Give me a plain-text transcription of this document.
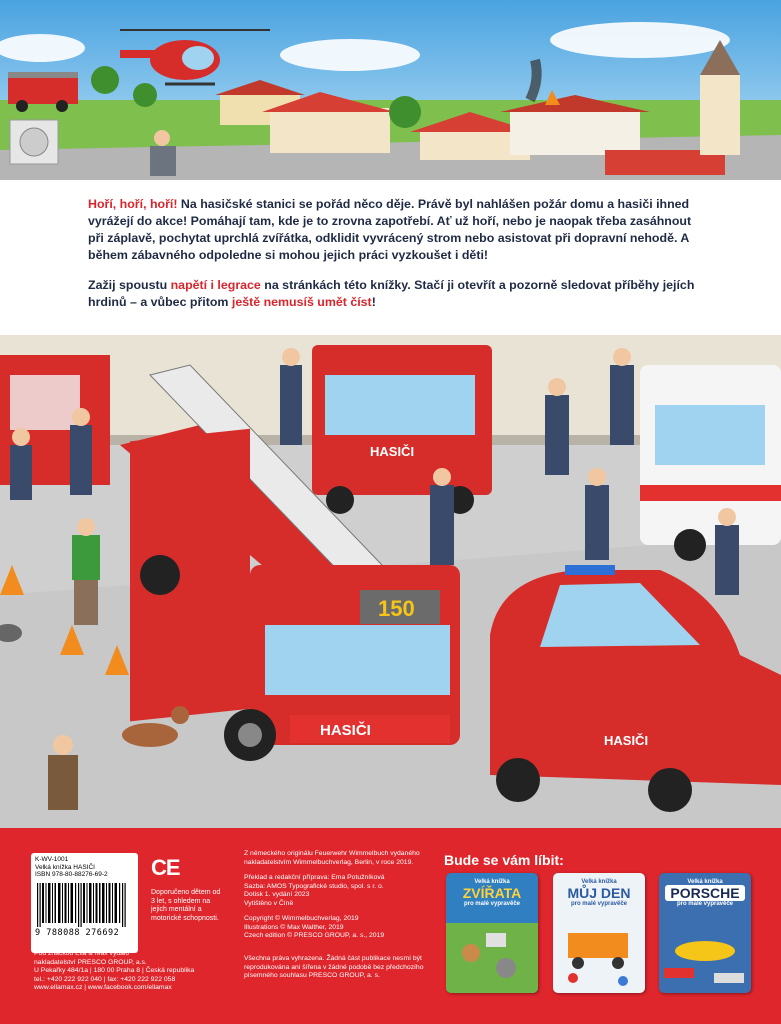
Hoří, hoří, hoří! Na hasičské stanici se pořád něco děje. Právě byl nahlášen požár domu a hasiči ihned vyrážejí do akce! Pomáhají tam, kde je to zrovna zapotřebí. Ať už hoří, nebo je naopak třeba zasáhnout při záplavě, pochytat uprchlá zvířátka, odklidit vyvrácený strom nebo asistovat při dopravní nehodě. A během zábavného odpoledne si mohou jejich práci vyzkoušet i děti!

Zažij spoustu napětí i legrace na stránkách této knížky. Stačí ji otevřít a pozorně sledovat příběhy jejích hrdinů – a vůbec přitom ještě nemusíš umět číst!

HASIČI
150
HASIČI
HASIČI
K-WV-1001
Velká knížka HASIČI
ISBN 978-80-88276-69-2
9 788088 276692
CE
Doporučeno dětem od 3 let, s ohledem na jejich mentální a motorické schopnosti.
Z německého originálu Feuerwehr Wimmelbuch vydaného nakladatelstvím Wimmelbuchverlag, Berlin, v roce 2019.
Překlad a redakční příprava: Ema Potužníková
Sazba: AMOS Typografické studio, spol. s r. o.
Dotisk 1. vydání 2023
Vytištěno v Číně
Copyright © Wimmelbuchverlag, 2019
Illustrations © Max Walther, 2019
Czech edition © PRESCO GROUP, a. s., 2019
Pod značkou Ella & Max vydalo
nakladatelství PRESCO GROUP, a.s.
U Pekařky 484/1a | 180 00 Praha 8 | Česká republika
tel.: +420 222 922 040 | fax: +420 222 922 058
www.ellamax.cz | www.facebook.com/ellamax
Všechna práva vyhrazena. Žádná část publikace nesmí být reprodukována ani šířena v žádné podobě bez předchozího písemného souhlasu PRESCO GROUP, a. s.
Bude se vám líbit:
Velká knížka
ZVÍŘATA
pro malé vypravěče
Velká knížka
MŮJ DEN
pro malé vypravěče
Velká knížka
PORSCHE
pro malé vypravěče
